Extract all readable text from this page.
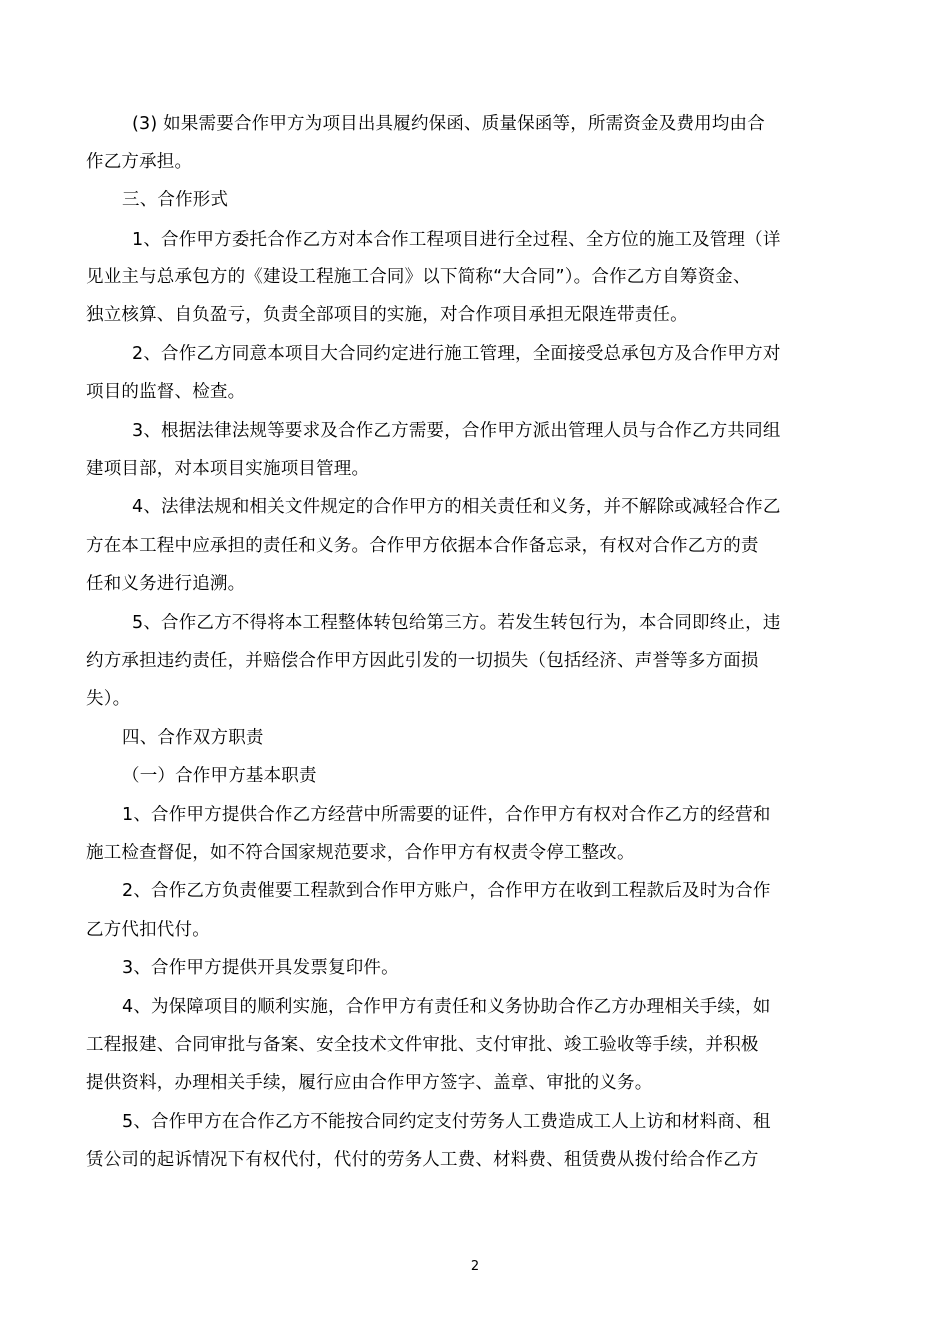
(3) 如果需要合作甲方为项目出具履约保函、质量保函等，所需资金及费用均由合
作乙方承担。
三、合作形式
1、合作甲方委托合作乙方对本合作工程项目进行全过程、全方位的施工及管理（详
见业主与总承包方的《建设工程施工合同》以下简称“大合同”）。合作乙方自筹资金、
独立核算、自负盈亏，负责全部项目的实施，对合作项目承担无限连带责任。
2、合作乙方同意本项目大合同约定进行施工管理，全面接受总承包方及合作甲方对
项目的监督、检查。
3、根据法律法规等要求及合作乙方需要，合作甲方派出管理人员与合作乙方共同组
建项目部，对本项目实施项目管理。
4、法律法规和相关文件规定的合作甲方的相关责任和义务，并不解除或减轻合作乙
方在本工程中应承担的责任和义务。合作甲方依据本合作备忘录，有权对合作乙方的责
任和义务进行追溯。
5、合作乙方不得将本工程整体转包给第三方。若发生转包行为，本合同即终止，违
约方承担违约责任，并赔偿合作甲方因此引发的一切损失（包括经济、声誉等多方面损
失）。
四、合作双方职责
（一）合作甲方基本职责
1、合作甲方提供合作乙方经营中所需要的证件，合作甲方有权对合作乙方的经营和
施工检查督促，如不符合国家规范要求，合作甲方有权责令停工整改。
2、合作乙方负责催要工程款到合作甲方账户，合作甲方在收到工程款后及时为合作
乙方代扣代付。
3、合作甲方提供开具发票复印件。
4、为保障项目的顺利实施，合作甲方有责任和义务协助合作乙方办理相关手续，如
工程报建、合同审批与备案、安全技术文件审批、支付审批、竣工验收等手续，并积极
提供资料，办理相关手续，履行应由合作甲方签字、盖章、审批的义务。
5、合作甲方在合作乙方不能按合同约定支付劳务人工费造成工人上访和材料商、租
赁公司的起诉情况下有权代付，代付的劳务人工费、材料费、租赁费从拨付给合作乙方
2
